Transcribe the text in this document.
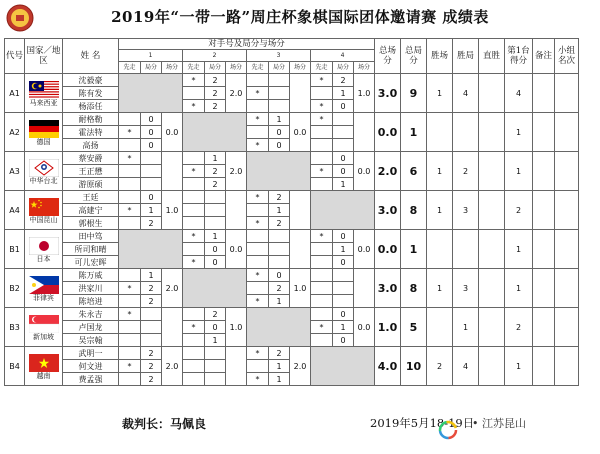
2019年“一带一路”周庄杯象棋国际团体邀请赛 成绩表
代号	国家／地区	姓 名	对手号及局分与场分												总场分	总局分	胜场	胜局	直胜	第1台得分	备注	小组名次
			1			2			3			4										
			先走	局分	场分	先走	局分	场分	先走	局分	场分	先走	局分	场分								
A1	马来西亚	沈毅豪				*	2	2.0				*	2	1.0	3.0	9	1	4		4		
		陈有发					2		*				1									
		杨添任				*	2					*	0									
A2	德国	耐格勒		0	0.0				*	1	0.0	*			0.0	1				1		
		霍法特	*	0						0												
		高扬		0					*	0												
A3	中华台北	蔡安爵	*				1	2.0					0	0.0	2.0	6	1	2		1		
		王正懋				*	2					*	0									
		游原硕					2						1									
A4	中国昆山	王廷		0	1.0				*	2					3.0	8	1	3		2		
		高建宁	*	1						1												
		郭根生		2					*	2												
B1	日本	田中笃				*	1	0.0				*	0	0.0	0.0	1				1		
		所司和晴					0						1									
		可儿宏晖				*	0						0									
B2	菲律宾	陈万威		1	2.0				*	0	1.0				3.0	8	1	3		1		
		洪家川	*	2						2												
		陈培进		2					*	1												
B3	新加坡	朱永吉	*				2	1.0					0	0.0	1.0	5		1		2		
		卢国龙				*	0					*	1									
		吴宗翰					1						0									
B4	越南	武明一		2	2.0				*	2	2.0				4.0	10	2	4		1		
		何文进	*	2						1												
		费孟强		2					*	1												
裁判长：马佩良	2019年5月18-19日
• 江苏昆山
